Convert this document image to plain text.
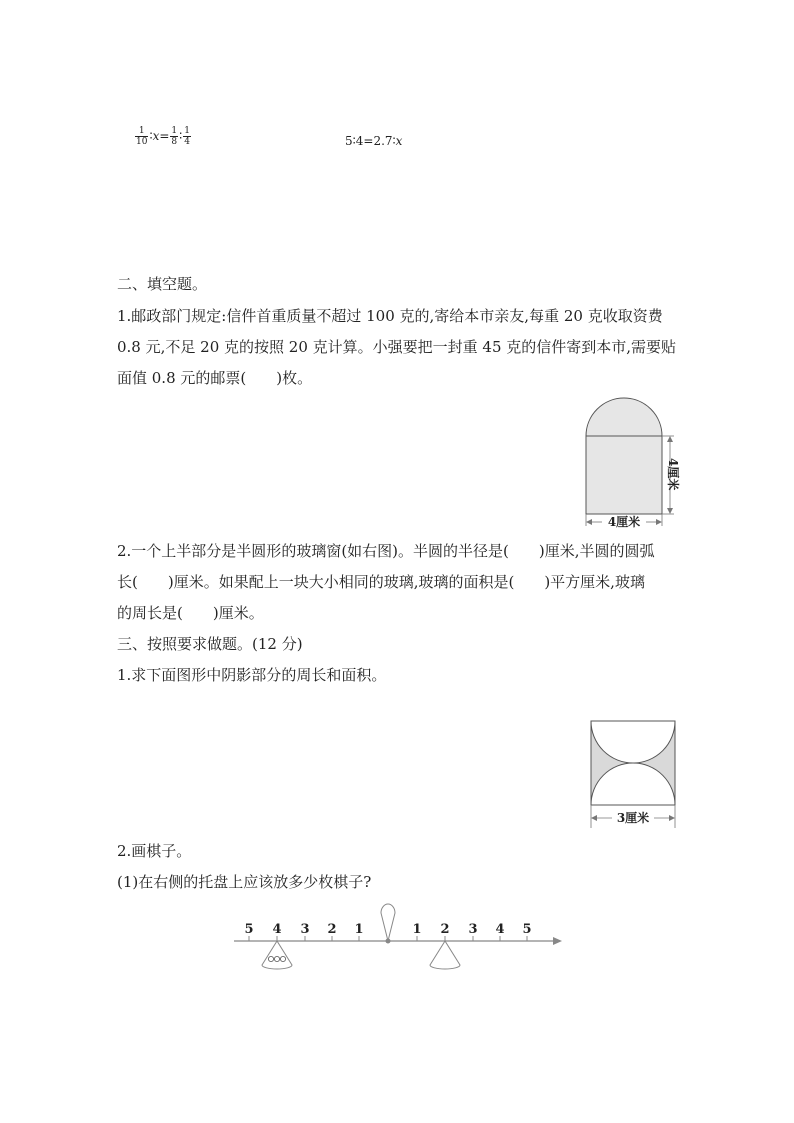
$\frac{1}{10}$ ∶x= $\frac{1}{8}$ ∶ $\frac{1}{4}$	5∶4=2.7∶x
二、填空题。
1.邮政部门规定:信件首重质量不超过 100 克的,寄给本市亲友,每重 20 克收取资费
0.8 元,不足 20 克的按照 20 克计算。小强要把一封重 45 克的信件寄到本市,需要贴
面值 0.8 元的邮票(　　)枚。
4厘米
4厘米
2.一个上半部分是半圆形的玻璃窗(如右图)。半圆的半径是(　　)厘米,半圆的圆弧
长(　　)厘米。如果配上一块大小相同的玻璃,玻璃的面积是(　　)平方厘米,玻璃
的周长是(　　)厘米。
三、按照要求做题。(12 分)
1.求下面图形中阴影部分的周长和面积。
3厘米
2.画棋子。
(1)在右侧的托盘上应该放多少枚棋子?
5 4 3 2 1	1 2 3 4 5
